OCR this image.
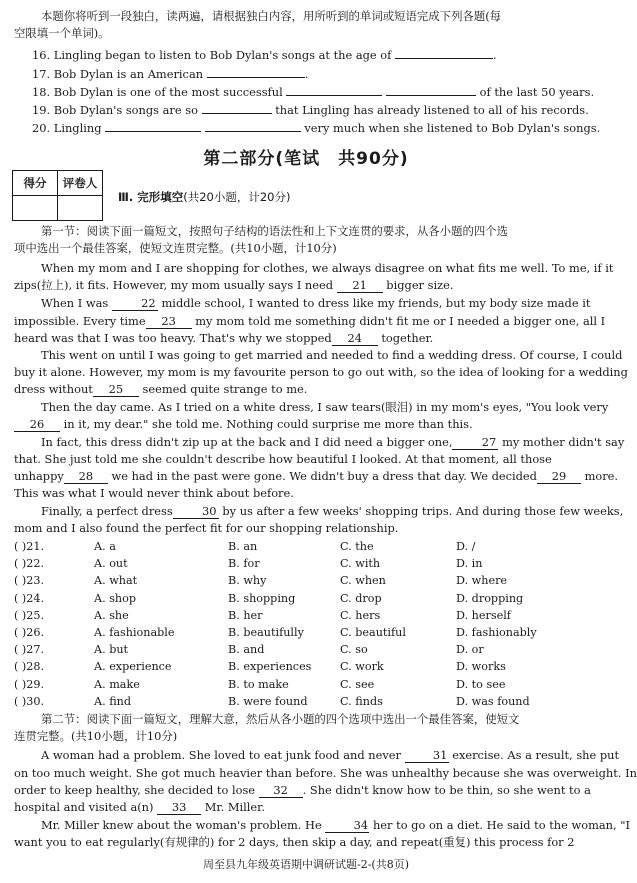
本题你将听到一段独白，读两遍，请根据独白内容，用所听到的单词或短语完成下列各题(每
空限填一个单词)。
16. Lingling began to listen to Bob Dylan's songs at the age of	.
17. Bob Dylan is an American	.
18. Bob Dylan is one of the most successful	of the last 50 years.
19. Bob Dylan's songs are so	that Lingling has already listened to all of his records.
20. Lingling	very much when she listened to Bob Dylan's songs.
第二部分(笔试　共90分)
得分	评卷人

Ⅲ. 完形填空(共20小题，计20分)
第一节：阅读下面一篇短文，按照句子结构的语法性和上下文连贯的要求，从各小题的四个选
项中选出一个最佳答案，使短文连贯完整。(共10小题，计10分)
When my mom and I are shopping for clothes, we always disagree on what fits me well. To me, if it
zips(拉上), it fits. However, my mom usually says I need 21 bigger size.
When I was	22 middle school, I wanted to dress like my friends, but my body size made it
impossible. Every time 23 my mom told me something didn't fit me or I needed a bigger one, all I
heard was that I was too heavy. That's why we stopped 24 together.
This went on until I was going to get married and needed to find a wedding dress. Of course, I could
buy it alone. However, my mom is my favourite person to go out with, so the idea of looking for a wedding
dress without 25 seemed quite strange to me.
Then the day came. As I tried on a white dress, I saw tears(眼泪) in my mom's eyes, "You look very
26 in it, my dear." she told me. Nothing could surprise me more than this.
In fact, this dress didn't zip up at the back and I did need a bigger one,	27 my mother didn't say
that. She just told me she couldn't describe how beautiful I looked. At that moment, all those
unhappy 28 we had in the past were gone. We didn't buy a dress that day. We decided 29 more.
This was what I would never think about before.
Finally, a perfect dress	30 by us after a few weeks' shopping trips. And during those few weeks,
mom and I also found the perfect fit for our shopping relationship.
( )21.	A. a	B. an	C. the	D. /
( )22.	A. out	B. for	C. with	D. in
( )23.	A. what	B. why	C. when	D. where
( )24.	A. shop	B. shopping	C. drop	D. dropping
( )25.	A. she	B. her	C. hers	D. herself
( )26.	A. fashionable	B. beautifully	C. beautiful	D. fashionably
( )27.	A. but	B. and	C. so	D. or
( )28.	A. experience	B. experiences	C. work	D. works
( )29.	A. make	B. to make	C. see	D. to see
( )30.	A. find	B. were found	C. finds	D. was found
第二节：阅读下面一篇短文，理解大意，然后从各小题的四个选项中选出一个最佳答案，使短文
连贯完整。(共10小题，计10分)
A woman had a problem. She loved to eat junk food and never	31 exercise. As a result, she put
on too much weight. She got much heavier than before. She was unhealthy because she was overweight. In
order to keep healthy, she decided to lose 32 . She didn't know how to be thin, so she went to a
hospital and visited a(n) 33 Mr. Miller.
Mr. Miller knew about the woman's problem. He	34 her to go on a diet. He said to the woman, "I
want you to eat regularly(有规律的) for 2 days, then skip a day, and repeat(重复) this process for 2
周至县九年级英语期中调研试题-2-(共8页)
